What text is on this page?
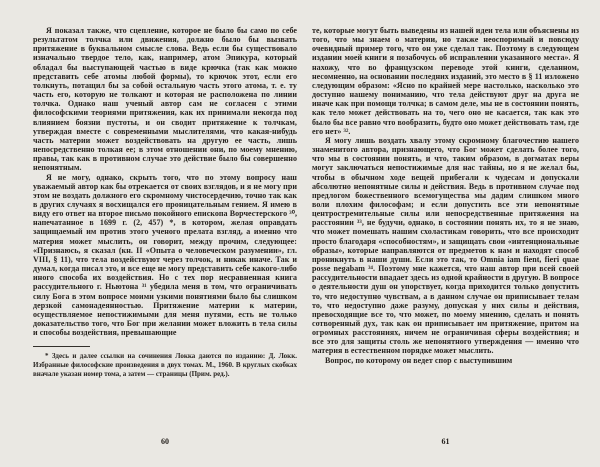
Я показал также, что сцепление, которое не было бы само по себе результатом толчка или движения, должно было бы вызвать притяжение в буквальном смысле слова. Ведь если бы существовало изначально твердое тело, как, например, атом Эпикура, который обладал бы выступающей частью в виде крючка (так как можно представить себе атомы любой формы), то крючок этот, если его толкнуть, потащил бы за собой остальную часть этого атома, т. е. ту часть его, которую не толкают и которая не расположена по линии толчка. Однако наш ученый автор сам не согласен с этими философскими теориями притяжения, как их принимали некогда под влиянием боязни пустоты, и он сводит притяжение к толчкам, утверждая вместе с современными мыслителями, что какая-нибудь часть материи может воздействовать на другую ее часть, лишь непосредственно толкая ее; в этом отношении они, по моему мнению, правы, так как в противном случае это действие было бы совершенно непонятным.

Я не могу, однако, скрыть того, что по этому вопросу наш уважаемый автор как бы отрекается от своих взглядов, и я не могу при этом не воздать должного его скромному чистосердечию, точно так как в других случаях я восхищался его проницательным гением. Я имею в виду его ответ на второе письмо покойного епископа Ворчестерского ³⁰, напечатанное в 1699 г. (2, 457) *, в котором, желая оправдать защищаемый им против этого ученого прелата взгляд, а именно что материя может мыслить, он говорит, между прочим, следующее: «Признаюсь, я сказал (кн. II «Опыта о человеческом разумении», гл. VIII, § 11), что тела воздействуют через толчок, и никак иначе. Так и думал, когда писал это, и все еще не могу представить себе какого-либо иного способа их воздействия. Но с тех пор несравненная книга рассудительного г. Ньютона ³¹ убедила меня в том, что ограничивать силу Бога в этом вопросе моими узкими понятиями было бы слишком дерзкой самонадеянностью. Притяжение материи к материи, осуществляемое непостижимыми для меня путями, есть не только доказательство того, что Бог при желании может вложить в тела силы и способы воздействия, превышающие

* Здесь и далее ссылки на сочинения Локка даются по изданию: Д. Локк. Избранные философские произведения в двух томах. М., 1960. В круглых скобках вначале указан номер тома, а затем — страницы (Прим. ред.).

те, которые могут быть выведены из нашей идеи тела или объяснены из того, что мы знаем о материи, но также неоспоримый и повсюду очевидный пример того, что он уже сделал так. Поэтому в следующем издании моей книги я позабочусь об исправлении указанного места». Я нахожу, что во французском переводе этой книги, сделанном, несомненно, на основании последних изданий, это место в § 11 изложено следующим образом: «Ясно по крайней мере настолько, насколько это доступно нашему пониманию, что тела действуют друг на друга не иначе как при помощи толчка; в самом деле, мы не в состоянии понять, как тело может действовать на то, чего оно не касается, так как это было бы все равно что вообразить, будто оно может действовать там, где его нет» ³².

Я могу лишь воздать хвалу этому скромному благочестию нашего знаменитого автора, признающего, что Бог может сделать более того, что мы в состоянии понять, и что, таким образом, в догматах веры могут заключаться непостижимые для нас тайны, но я не желал бы, чтобы в обычном ходе вещей прибегали к чудесам и допускали абсолютно непонятные силы и действия. Ведь в противном случае под предлогом божественного всемогущества мы дадим слишком много воли плохим философам; и если допустить все эти непонятные центростремительные силы или непосредственные притяжения на расстоянии ³³, не будучи, однако, в состоянии понять их, то я не знаю, что может помешать нашим схоластикам говорить, что все происходит просто благодаря «способностям», и защищать свои «интенциональные образы», которые направляются от предметов к нам и находят способ проникнуть в наши души. Если это так, то Omnia iam fient, fieri quae posse negabam ³⁴. Поэтому мне кажется, что наш автор при всей своей рассудительности впадает здесь из одной крайности в другую. В вопросе о деятельности душ он упорствует, когда приходится только допустить то, что недоступно чувствам, а в данном случае он приписывает телам то, что недоступно даже разуму, допуская у них силы и действия, превосходящие все то, что может, по моему мнению, сделать и понять сотворенный дух, так как он приписывает им притяжение, притом на огромных расстояниях, ничем не ограничивая сферы воздействия; и все это для защиты столь же непонятного утверждения — именно что материя в естественном порядке может мыслить.

Вопрос, по которому он ведет спор с выступившим

60	61
